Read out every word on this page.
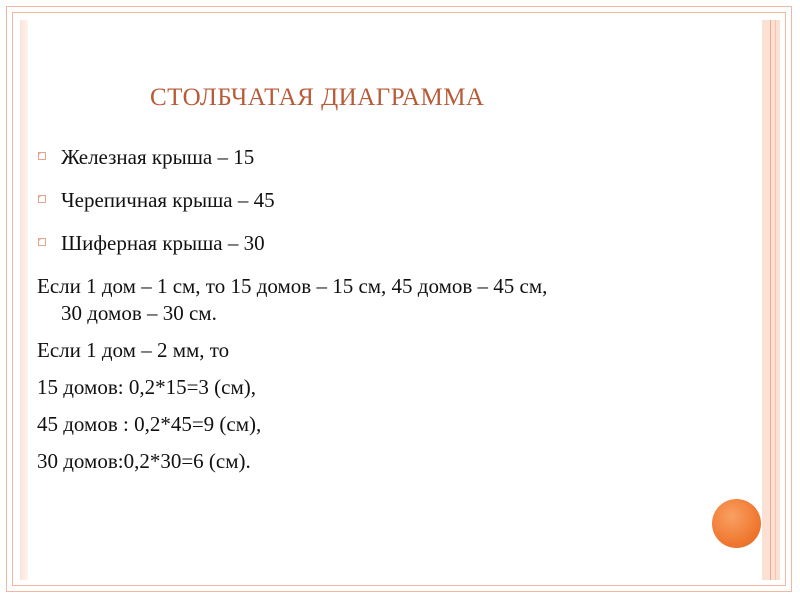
СТОЛБЧАТАЯ ДИАГРАММА
Железная крыша – 15
Черепичная крыша – 45
Шиферная крыша – 30
Если 1 дом – 1 см, то 15 домов – 15 см, 45 домов – 45 см,
30 домов – 30 см.
Если 1 дом – 2 мм, то
15 домов: 0,2*15=3 (см),
45 домов : 0,2*45=9 (см),
30 домов:0,2*30=6 (см).
